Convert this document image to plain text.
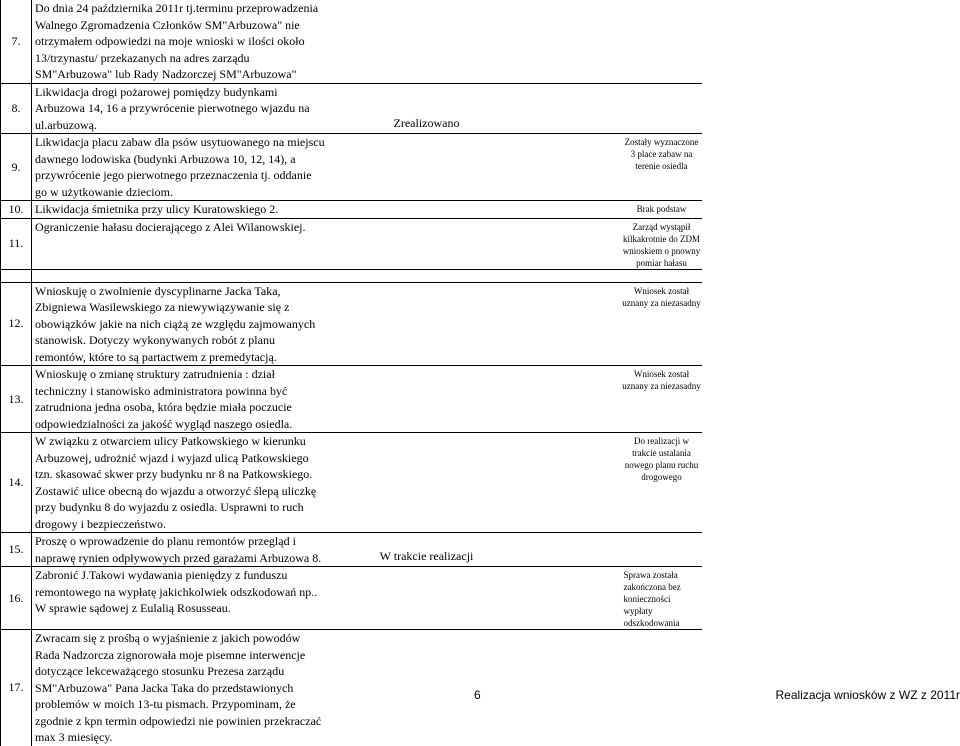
7.	Do dnia 24 października 2011r tj.terminu przeprowadzenia Walnego Zgromadzenia Członków SM"Arbuzowa" nie otrzymałem odpowiedzi na moje wnioski w ilości około 13/trzynastu/ przekazanych na adres zarządu SM"Arbuzowa" lub Rady Nadzorczej SM"Arbuzowa"			
8.	Likwidacja drogi pożarowej pomiędzy budynkami Arbuzowa 14, 16 a przywrócenie pierwotnego wjazdu na ul.arbuzową.	Zrealizowano		
9.	Likwidacja placu zabaw dla psów usytuowanego na miejscu dawnego lodowiska (budynki Arbuzowa 10, 12, 14), a przywrócenie jego pierwotnego przeznaczenia tj. oddanie go w użytkowanie dzieciom.			Zostały wyznaczone 3 place zabaw na terenie osiedla
10.	Likwidacja śmietnika przy ulicy Kuratowskiego 2.			Brak podstaw
11.	Ograniczenie hałasu docierającego z Alei Wilanowskiej.			Zarząd wystąpił kilkakrotnie do ZDM wnioskiem o pnowny pomiar hałasu

12.	Wnioskuję o zwolnienie dyscyplinarne Jacka Taka, Zbigniewa Wasilewskiego za niewywiązywanie się z obowiązków jakie na nich ciążą ze względu zajmowanych stanowisk. Dotyczy wykonywanych robót z planu remontów, które to są partactwem z premedytacją.			Wniosek został uznany za niezasadny
13.	Wnioskuję o zmianę struktury zatrudnienia : dział techniczny i stanowisko administratora powinna być zatrudniona jedna osoba, która będzie miała poczucie odpowiedzialności za jakość wygląd naszego osiedla.			Wniosek został uznany za niezasadny
14.	W związku z otwarciem ulicy Patkowskiego w kierunku Arbuzowej, udrożnić wjazd i wyjazd ulicą Patkowskiego tzn. skasować skwer przy budynku nr 8 na Patkowskiego. Zostawić ulice obecną do wjazdu a otworzyć ślepą uliczkę przy budynku 8 do wyjazdu z osiedla. Usprawni to ruch drogowy i bezpieczeństwo.			Do realizacji w trakcie ustalania nowego planu ruchu drogowego
15.	Proszę o wprowadzenie do planu remontów przegląd i naprawę rynien odpływowych przed garażami Arbuzowa 8.	W trakcie realizacji		
16.	Zabronić J.Takowi wydawania pieniędzy z funduszu remontowego na wypłatę jakichkolwiek odszkodowań np.. W sprawie sądowej z Eulalią Rosusseau.			Sprawa została zakończona bez konieczności wypłaty odszkodowania
17.	Zwracam się z prośbą o wyjaśnienie z jakich powodów Rada Nadzorcza zignorowała moje pisemne interwencje dotyczące lekceważącego stosunku Prezesa zarządu SM"Arbuzowa" Pana Jacka Taka do przedstawionych problemów w moich 13-tu pismach. Przypominam, że zgodnie z kpn termin odpowiedzi nie powinien przekraczać max 3 miesięcy.			
6	Realizacja wniosków z WZ z 2011r
